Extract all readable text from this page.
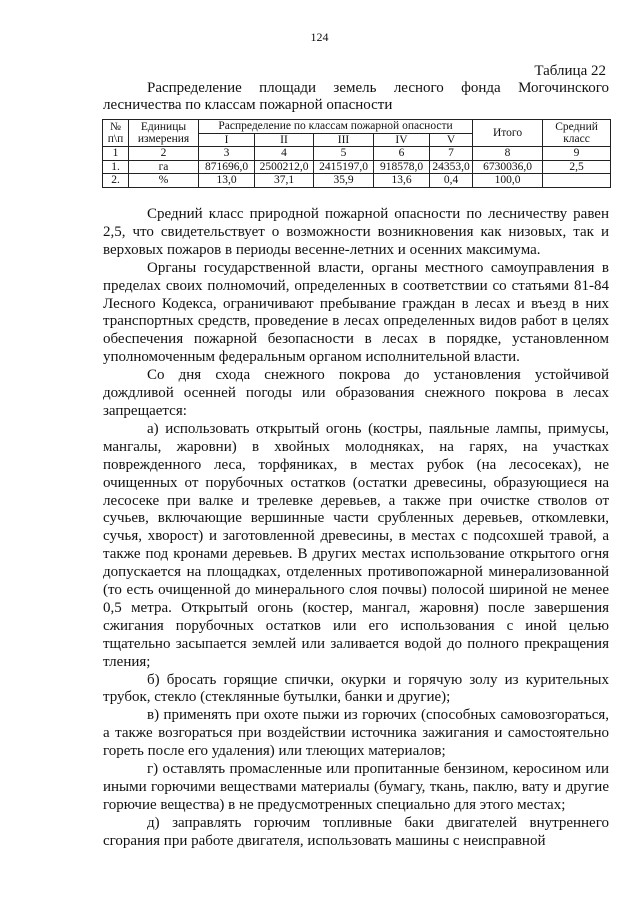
124
Таблица 22

Распределение площади земель лесного фонда Могочинского лесничества по классам пожарной опасности

№ п\п	Единицы измерения	Распределение по классам пожарной опасности					Итого	Средний класс
		I	II	III	IV	V		
1	2	3	4	5	6	7	8	9
1.	га	871696,0	2500212,0	2415197,0	918578,0	24353,0	6730036,0	2,5
2.	%	13,0	37,1	35,9	13,6	0,4	100,0	

Средний класс природной пожарной опасности по лесничеству равен 2,5, что свидетельствует о возможности возникновения как низовых, так и верховых пожаров в периоды весенне-летних и осенних максимума.

Органы государственной власти, органы местного самоуправления в пределах своих полномочий, определенных в соответствии со статьями 81-84 Лесного Кодекса, ограничивают пребывание граждан в лесах и въезд в них транспортных средств, проведение в лесах определенных видов работ в целях обеспечения пожарной безопасности в лесах в порядке, установленном уполномоченным федеральным органом исполнительной власти.

Со дня схода снежного покрова до установления устойчивой дождливой осенней погоды или образования снежного покрова в лесах запрещается:

а) использовать открытый огонь (костры, паяльные лампы, примусы, мангалы, жаровни) в хвойных молодняках, на гарях, на участках поврежденного леса, торфяниках, в местах рубок (на лесосеках), не очищенных от порубочных остатков (остатки древесины, образующиеся на лесосеке при валке и трелевке деревьев, а также при очистке стволов от сучьев, включающие вершинные части срубленных деревьев, откомлевки, сучья, хворост) и заготовленной древесины, в местах с подсохшей травой, а также под кронами деревьев. В других местах использование открытого огня допускается на площадках, отделенных противопожарной минерализованной (то есть очищенной до минерального слоя почвы) полосой шириной не менее 0,5 метра. Открытый огонь (костер, мангал, жаровня) после завершения сжигания порубочных остатков или его использования с иной целью тщательно засыпается землей или заливается водой до полного прекращения тления;

б) бросать горящие спички, окурки и горячую золу из курительных трубок, стекло (стеклянные бутылки, банки и другие);

в) применять при охоте пыжи из горючих (способных самовозгораться, а также возгораться при воздействии источника зажигания и самостоятельно гореть после его удаления) или тлеющих материалов;

г) оставлять промасленные или пропитанные бензином, керосином или иными горючими веществами материалы (бумагу, ткань, паклю, вату и другие горючие вещества) в не предусмотренных специально для этого местах;

д) заправлять горючим топливные баки двигателей внутреннего сгорания при работе двигателя, использовать машины с неисправной
